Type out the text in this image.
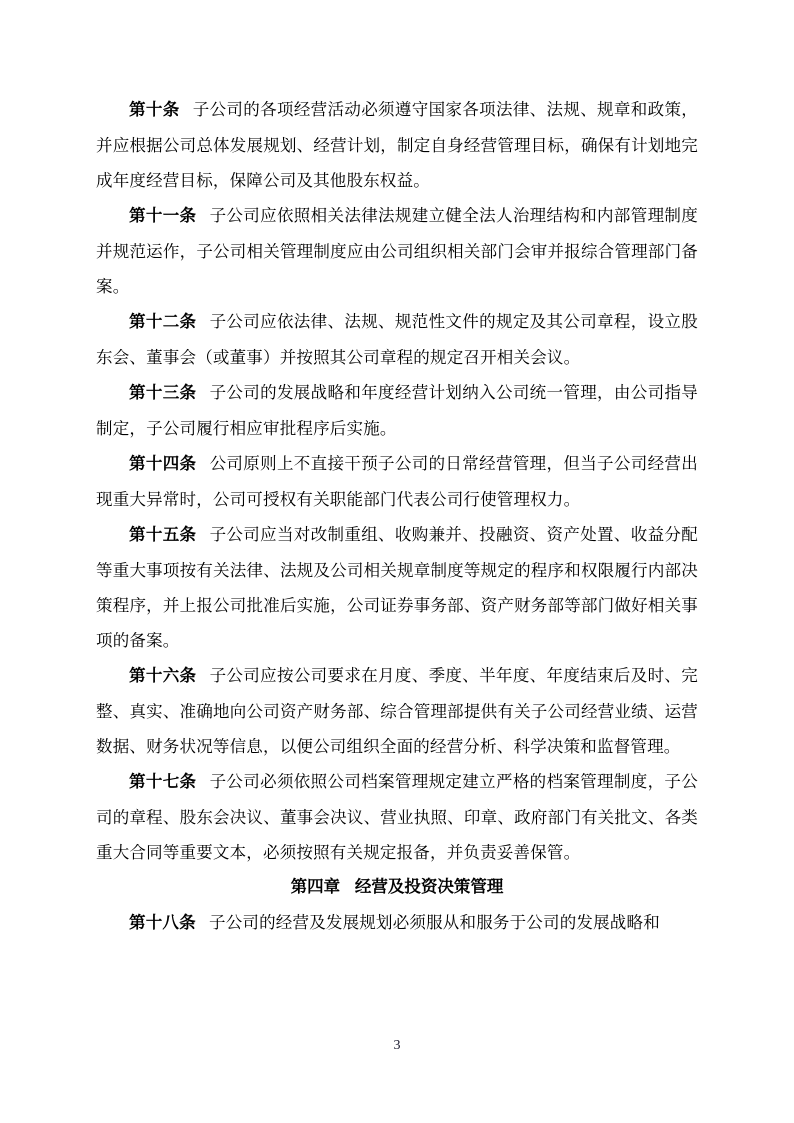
第十条 子公司的各项经营活动必须遵守国家各项法律、法规、规章和政策，并应根据公司总体发展规划、经营计划，制定自身经营管理目标，确保有计划地完成年度经营目标，保障公司及其他股东权益。

第十一条 子公司应依照相关法律法规建立健全法人治理结构和内部管理制度并规范运作，子公司相关管理制度应由公司组织相关部门会审并报综合管理部门备案。

第十二条 子公司应依法律、法规、规范性文件的规定及其公司章程，设立股东会、董事会（或董事）并按照其公司章程的规定召开相关会议。

第十三条 子公司的发展战略和年度经营计划纳入公司统一管理，由公司指导制定，子公司履行相应审批程序后实施。

第十四条 公司原则上不直接干预子公司的日常经营管理，但当子公司经营出现重大异常时，公司可授权有关职能部门代表公司行使管理权力。

第十五条 子公司应当对改制重组、收购兼并、投融资、资产处置、收益分配等重大事项按有关法律、法规及公司相关规章制度等规定的程序和权限履行内部决策程序，并上报公司批准后实施，公司证券事务部、资产财务部等部门做好相关事项的备案。

第十六条 子公司应按公司要求在月度、季度、半年度、年度结束后及时、完整、真实、准确地向公司资产财务部、综合管理部提供有关子公司经营业绩、运营数据、财务状况等信息，以便公司组织全面的经营分析、科学决策和监督管理。

第十七条 子公司必须依照公司档案管理规定建立严格的档案管理制度，子公司的章程、股东会决议、董事会决议、营业执照、印章、政府部门有关批文、各类重大合同等重要文本，必须按照有关规定报备，并负责妥善保管。

第四章 经营及投资决策管理

第十八条 子公司的经营及发展规划必须服从和服务于公司的发展战略和

3
